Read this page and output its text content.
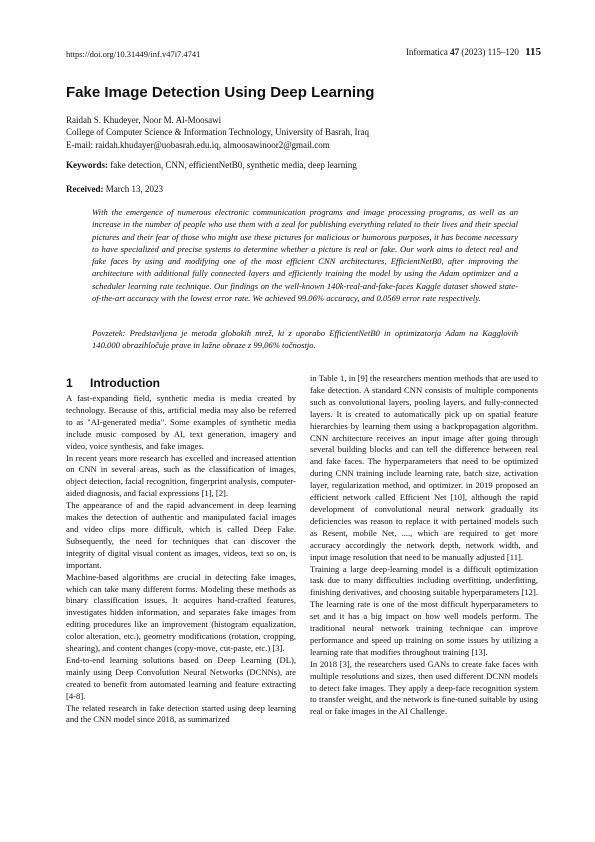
https://doi.org/10.31449/inf.v47i7.4741	Informatica 47 (2023) 115–120 115
Fake Image Detection Using Deep Learning
Raidah S. Khudeyer, Noor M. Al-Moosawi
College of Computer Science & Information Technology, University of Basrah, Iraq
E-mail: raidah.khudayer@uobasrah.edu.iq, almoosawinoor2@gmail.com
Keywords: fake detection, CNN, efficientNetB0, synthetic media, deep learning
Received: March 13, 2023
With the emergence of numerous electronic communication programs and image processing programs, as well as an increase in the number of people who use them with a zeal for publishing everything related to their lives and their special pictures and their fear of those who might use these pictures for malicious or humorous purposes, it has become necessary to have specialized and precise systems to determine whether a picture is real or fake. Our work aims to detect real and fake faces by using and modifying one of the most efficient CNN architectures, EfficientNetB0, after improving the architecture with additional fully connected layers and efficiently training the model by using the Adam optimizer and a scheduler learning rate technique. Our findings on the well-known 140k-real-and-fake-faces Kaggle dataset showed state-of-the-art accuracy with the lowest error rate. We achieved 99.06% accuracy, and 0.0569 error rate respectively.
Povzetek: Predstavljena je metoda globokih mrež, ki z uporabo EfficientNetB0 in optimizatorja Adam na Kagglovih 140.000 obrazihločuje prave in lažne obraze z 99,06% točnostjo.
1 Introduction

A fast-expanding field, synthetic media is media created by technology. Because of this, artificial media may also be referred to as "AI-generated media". Some examples of synthetic media include music composed by AI, text generation, imagery and video, voice synthesis, and fake images.

In recent years more research has excelled and increased attention on CNN in several areas, such as the classification of images, object detection, facial recognition, fingerprint analysis, computer-aided diagnosis, and facial expressions [1], [2].

The appearance of and the rapid advancement in deep learning makes the detection of authentic and manipulated facial images and video clips more difficult, which is called Deep Fake. Subsequently, the need for techniques that can discover the integrity of digital visual content as images, videos, text so on, is important.

Machine-based algorithms are crucial in detecting fake images, which can take many different forms. Modeling these methods as binary classification issues. It acquires hand-crafted features, investigates hidden information, and separates fake images from editing procedures like an improvement (histogram equalization, color alteration, etc.), geometry modifications (rotation, cropping, shearing), and content changes (copy-move, cut-paste, etc.) [3].

End-to-end learning solutions based on Deep Learning (DL), mainly using Deep Convolution Neural Networks (DCNNs), are created to benefit from automated learning and feature extracting [4-8].

The related research in fake detection started using deep learning and the CNN model since 2018, as summarized

in Table 1, in [9] the researchers mention methods that are used to fake detection. A standard CNN consists of multiple components such as convolutional layers, pooling layers, and fully-connected layers. It is created to automatically pick up on spatial feature hierarchies by learning them using a backpropagation algorithm. CNN architecture receives an input image after going through several building blocks and can tell the difference between real and fake faces. The hyperparameters that need to be optimized during CNN training include learning rate, batch size, activation layer, regularization method, and optimizer. in 2019 proposed an efficient network called Efficient Net [10], although the rapid development of convolutional neural network gradually its deficiencies was reason to replace it with pertained models such as Resent, mobile Net, ...., which are required to get more accuracy accordingly the network depth, network width, and input image resolution that need to be manually adjusted [11].

Training a large deep-learning model is a difficult optimization task due to many difficulties including overfitting, underfitting, finishing derivatives, and choosing suitable hyperparameters [12]. The learning rate is one of the most difficult hyperparameters to set and it has a big impact on how well models perform. The traditional neural network training technique can improve performance and speed up training on some issues by utilizing a learning rate that modifies throughout training [13].

In 2018 [3], the researchers used GANs to create fake faces with multiple resolutions and sizes, then used different DCNN models to detect fake images. They apply a deep-face recognition system to transfer weight, and the network is fine-tuned suitable by using real or fake images in the AI Challenge.
